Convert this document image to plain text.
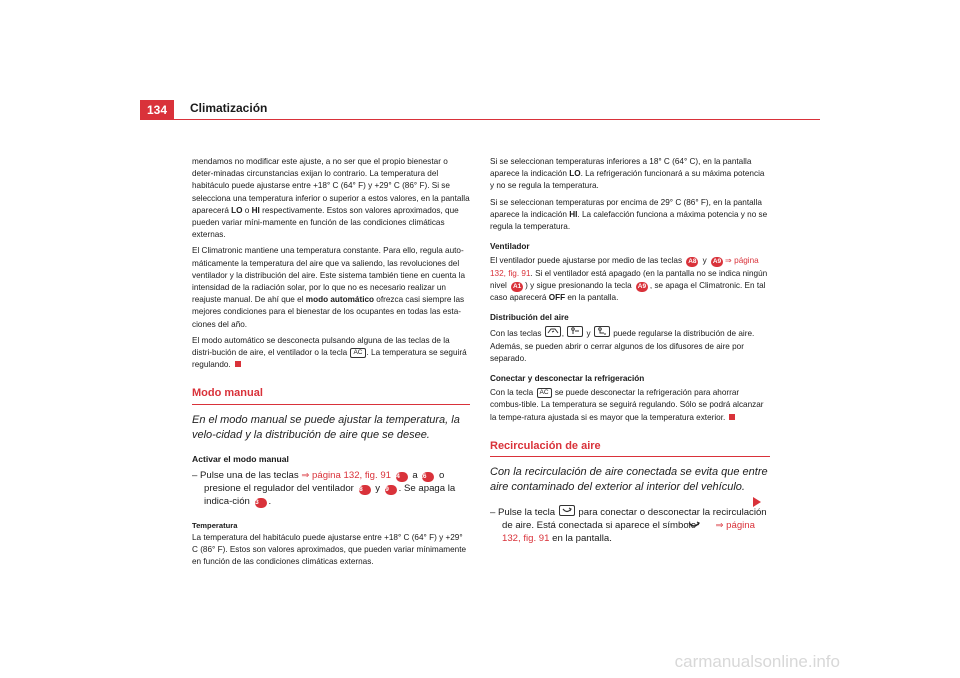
134	Climatización

mendamos no modificar este ajuste, a no ser que el propio bienestar o deter-minadas circunstancias exijan lo contrario. La temperatura del habitáculo puede ajustarse entre +18° C (64° F) y +29° C (86° F). Si se selecciona una temperatura inferior o superior a estos valores, en la pantalla aparecerá LO o HI respectivamente. Estos son valores aproximados, que pueden variar míni-mamente en función de las condiciones climáticas externas.

El Climatronic mantiene una temperatura constante. Para ello, regula auto-máticamente la temperatura del aire que va saliendo, las revoluciones del ventilador y la distribución del aire. Este sistema también tiene en cuenta la intensidad de la radiación solar, por lo que no es necesario realizar un reajuste manual. De ahí que el modo automático ofrezca casi siempre las mejores condiciones para el bienestar de los ocupantes en todas las esta-ciones del año.

El modo automático se desconecta pulsando alguna de las teclas de la distri-bución de aire, el ventilador o la tecla AC . La temperatura se seguirá regulando.

Modo manual
En el modo manual se puede ajustar la temperatura, la velo-cidad y la distribución de aire que se desee.
Activar el modo manual
– Pulse una de las teclas ⇒ página 132, fig. 91 A4 a A6 o presione el regulador del ventilador A8 y A9 . Se apaga la indica-ción A3 .
Temperatura

La temperatura del habitáculo puede ajustarse entre +18° C (64° F) y +29° C (86° F). Estos son valores aproximados, que pueden variar mínimamente en función de las condiciones climáticas externas.

Si se seleccionan temperaturas inferiores a 18° C (64° C), en la pantalla aparece la indicación LO. La refrigeración funcionará a su máxima potencia y no se regula la temperatura.

Si se seleccionan temperaturas por encima de 29° C (86° F), en la pantalla aparece la indicación HI. La calefacción funciona a máxima potencia y no se regula la temperatura.

Ventilador

El ventilador puede ajustarse por medio de las teclas A8 y A9 ⇒ página 132, fig. 91. Si el ventilador está apagado (en la pantalla no se indica ningún nivel A1 ) y sigue presionando la tecla A9 , se apaga el Climatronic. En tal caso aparecerá OFF en la pantalla.

Distribución del aire

Con las teclas
,
y
puede regularse la distribución de aire. Además, se pueden abrir o cerrar algunos de los difusores de aire por separado.

Conectar y desconectar la refrigeración

Con la tecla AC se puede desconectar la refrigeración para ahorrar combus-tible. La temperatura se seguirá regulando. Sólo se podrá alcanzar la tempe-ratura ajustada si es mayor que la temperatura exterior.

Recirculación de aire
Con la recirculación de aire conectada se evita que entre aire contaminado del exterior al interior del vehículo.
– Pulse la tecla
para conectar o desconectar la recirculación de aire. Está conectada si aparece el símbolo  ⇒ página 132, fig. 91 en la pantalla.
carmanualsonline.info
